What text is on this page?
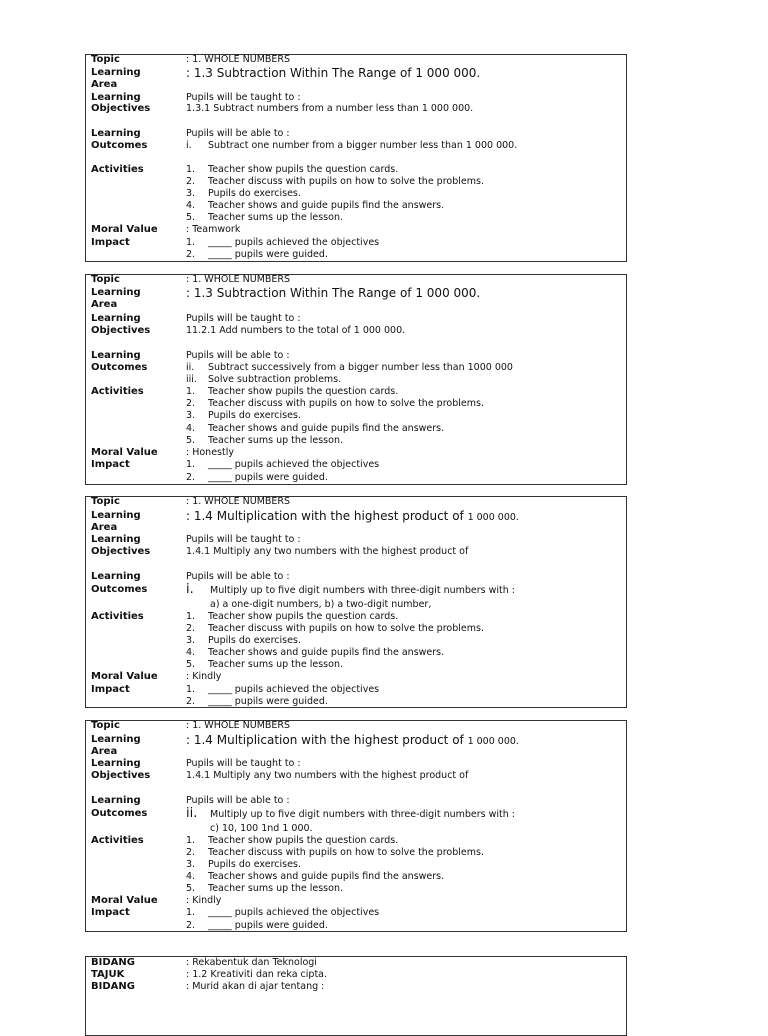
Topic	: 1. WHOLE NUMBERS
Learning	: 1.3 Subtraction Within The Range of 1 000 000.
Area
Learning	Pupils will be taught to :
Objectives	1.3.1 Subtract numbers from a number less than 1 000 000.
Learning	Pupils will be able to :
Outcomes	i. Subtract one number from a bigger number less than 1 000 000.
Activities	1. Teacher show pupils the question cards.
2. Teacher discuss with pupils on how to solve the problems.
3. Pupils do exercises.
4. Teacher shows and guide pupils find the answers.
5. Teacher sums up the lesson.
Moral Value	: Teamwork
Impact	1. _____ pupils achieved the objectives
2. _____ pupils were guided.
Topic	: 1. WHOLE NUMBERS
Learning	: 1.3 Subtraction Within The Range of 1 000 000.
Area
Learning	Pupils will be taught to :
Objectives	11.2.1 Add numbers to the total of 1 000 000.
Learning	Pupils will be able to :
Outcomes	ii. Subtract successively from a bigger number less than 1000 000
iii. Solve subtraction problems.
Activities	1. Teacher show pupils the question cards.
2. Teacher discuss with pupils on how to solve the problems.
3. Pupils do exercises.
4. Teacher shows and guide pupils find the answers.
5. Teacher sums up the lesson.
Moral Value	: Honestly
Impact	1. _____ pupils achieved the objectives
2. _____ pupils were guided.
Topic	: 1. WHOLE NUMBERS
Learning	: 1.4 Multiplication with the highest product of 1 000 000.
Area
Learning	Pupils will be taught to :
Objectives	1.4.1 Multiply any two numbers with the highest product of
Learning	Pupils will be able to :
Outcomes	i. Multiply up to five digit numbers with three-digit numbers with :
a) a one-digit numbers, b) a two-digit number,
Activities	1. Teacher show pupils the question cards.
2. Teacher discuss with pupils on how to solve the problems.
3. Pupils do exercises.
4. Teacher shows and guide pupils find the answers.
5. Teacher sums up the lesson.
Moral Value	: Kindly
Impact	1. _____ pupils achieved the objectives
2. _____ pupils were guided.
Topic	: 1. WHOLE NUMBERS
Learning	: 1.4 Multiplication with the highest product of 1 000 000.
Area
Learning	Pupils will be taught to :
Objectives	1.4.1 Multiply any two numbers with the highest product of
Learning	Pupils will be able to :
Outcomes	ii. Multiply up to five digit numbers with three-digit numbers with :
c) 10, 100 1nd 1 000.
Activities	1. Teacher show pupils the question cards.
2. Teacher discuss with pupils on how to solve the problems.
3. Pupils do exercises.
4. Teacher shows and guide pupils find the answers.
5. Teacher sums up the lesson.
Moral Value	: Kindly
Impact	1. _____ pupils achieved the objectives
2. _____ pupils were guided.
BIDANG	: Rekabentuk dan Teknologi
TAJUK	: 1.2 Kreativiti dan reka cipta.
BIDANG	: Murid akan di ajar tentang :
